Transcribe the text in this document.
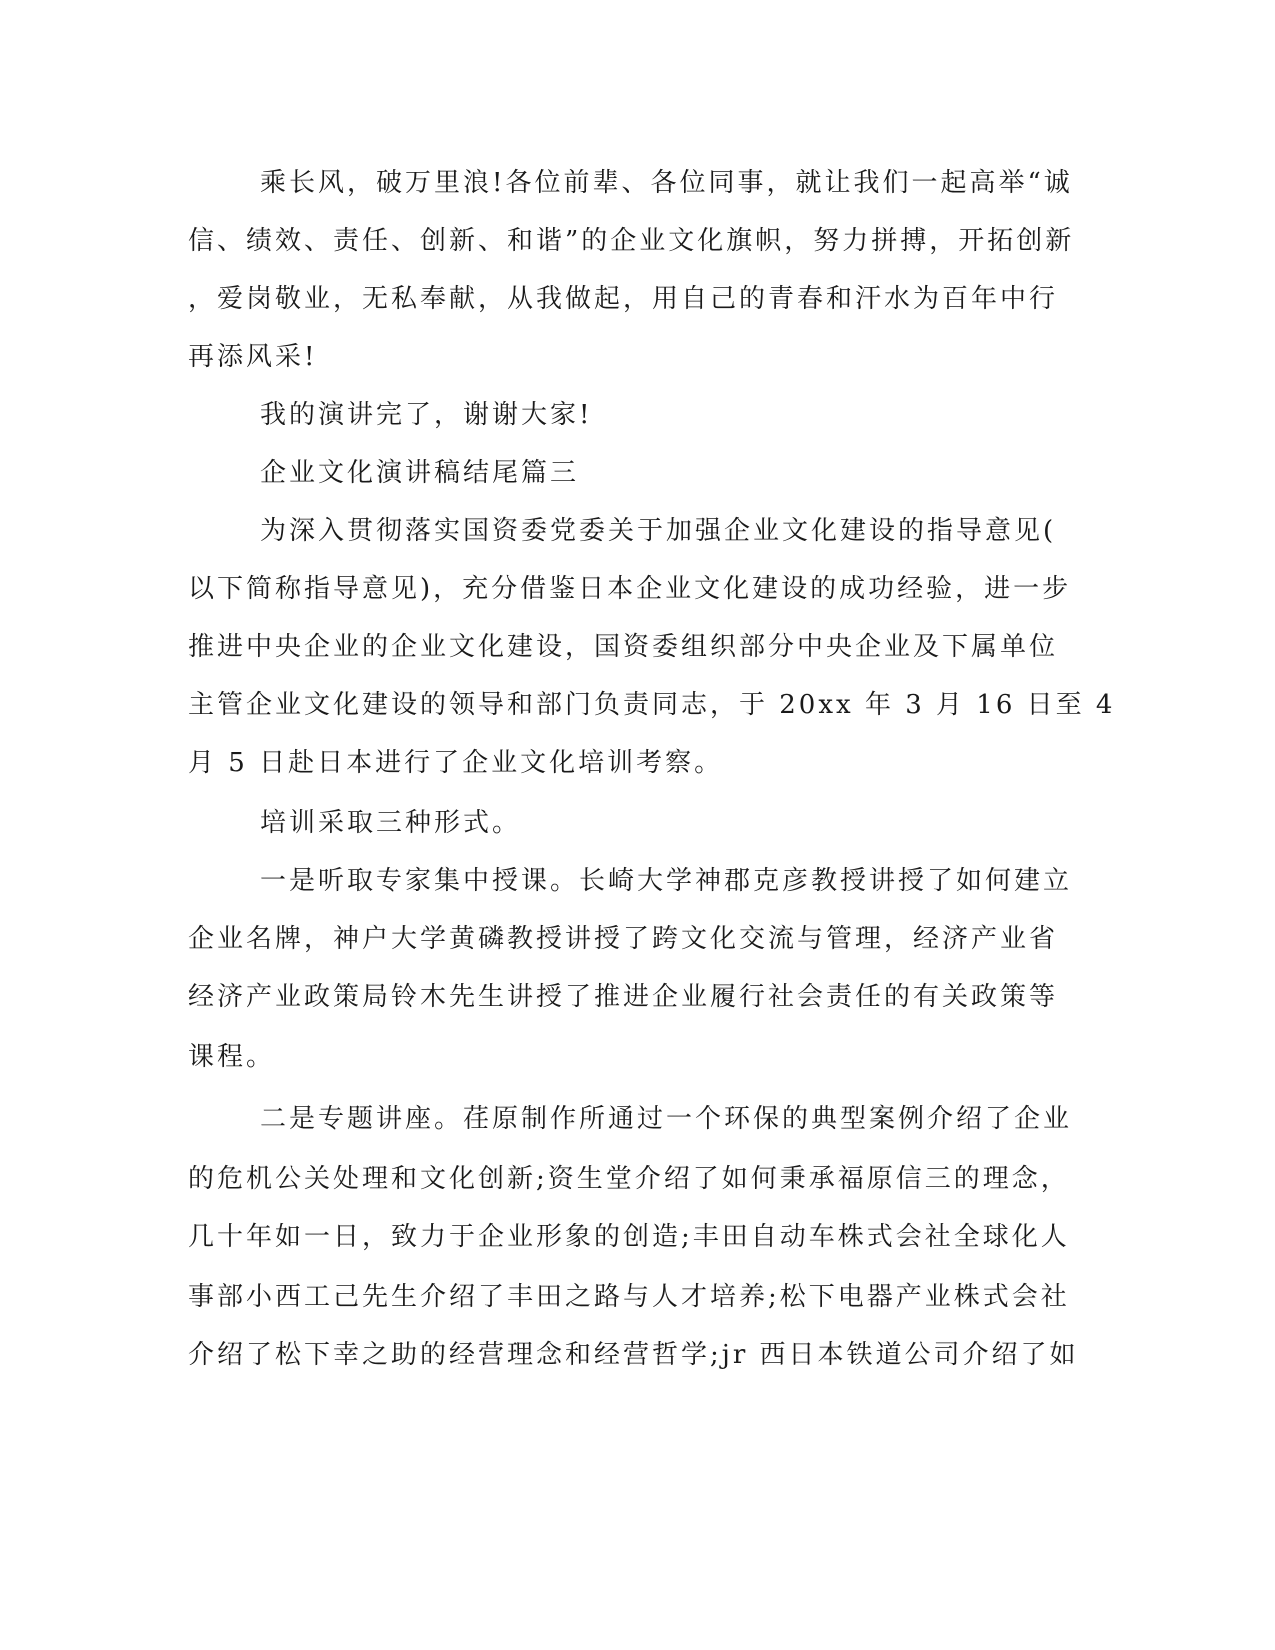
乘长风，破万里浪!各位前辈、各位同事，就让我们一起高举“诚
信、绩效、责任、创新、和谐”的企业文化旗帜，努力拼搏，开拓创新
，爱岗敬业，无私奉献，从我做起，用自己的青春和汗水为百年中行
再添风采!
我的演讲完了，谢谢大家!
企业文化演讲稿结尾篇三
为深入贯彻落实国资委党委关于加强企业文化建设的指导意见(
以下简称指导意见)，充分借鉴日本企业文化建设的成功经验，进一步
推进中央企业的企业文化建设，国资委组织部分中央企业及下属单位
主管企业文化建设的领导和部门负责同志，于 20xx 年 3 月 16 日至 4
月 5 日赴日本进行了企业文化培训考察。
培训采取三种形式。
一是听取专家集中授课。长崎大学神郡克彦教授讲授了如何建立
企业名牌，神户大学黄磷教授讲授了跨文化交流与管理，经济产业省
经济产业政策局铃木先生讲授了推进企业履行社会责任的有关政策等
课程。
二是专题讲座。荏原制作所通过一个环保的典型案例介绍了企业
的危机公关处理和文化创新;资生堂介绍了如何秉承福原信三的理念，
几十年如一日，致力于企业形象的创造;丰田自动车株式会社全球化人
事部小西工己先生介绍了丰田之路与人才培养;松下电器产业株式会社
介绍了松下幸之助的经营理念和经营哲学;jr 西日本铁道公司介绍了如
